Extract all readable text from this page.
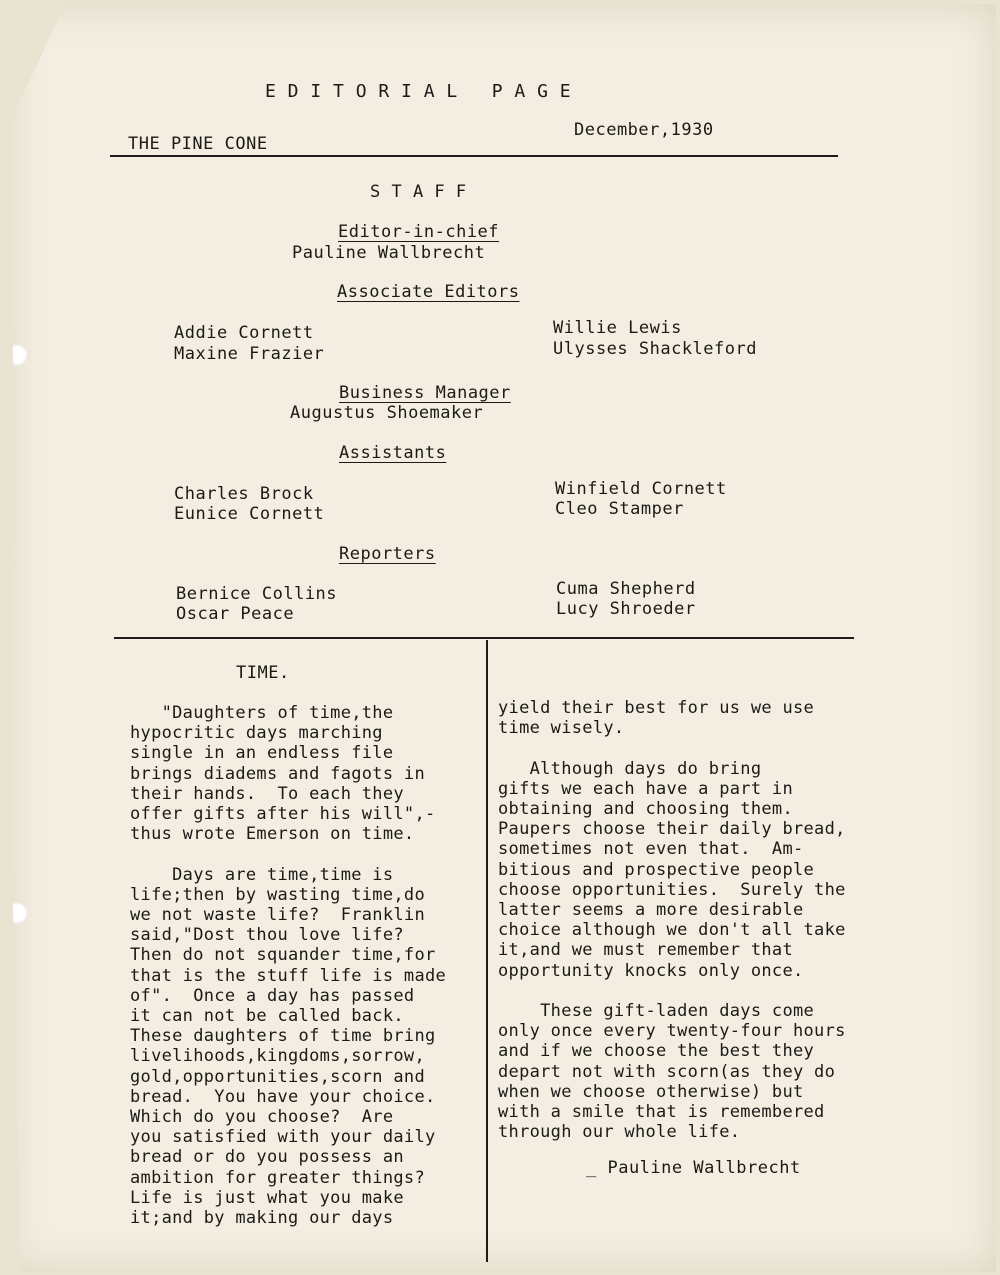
E D I T O R I A L   P A G E
THE PINE CONE
December,1930
S T A F F
Editor-in-chief
Pauline Wallbrecht
Associate Editors
Addie Cornett
Maxine Frazier
Willie Lewis
Ulysses Shackleford
Business Manager
Augustus Shoemaker
Assistants
Charles Brock
Eunice Cornett
Winfield Cornett
Cleo Stamper
Reporters
Bernice Collins
Oscar Peace
Cuma Shepherd
Lucy Shroeder
TIME.

"Daughters of time,the

hypocritic days marching

single in an endless file

brings diadems and fagots in

their hands.  To each they

offer gifts after his will",-

thus wrote Emerson on time.

Days are time,time is

life;then by wasting time,do

we not waste life?  Franklin

said,"Dost thou love life?

Then do not squander time,for

that is the stuff life is made

of".  Once a day has passed

it can not be called back.

These daughters of time bring

livelihoods,kingdoms,sorrow,

gold,opportunities,scorn and

bread.  You have your choice.

Which do you choose?  Are

you satisfied with your daily

bread or do you possess an

ambition for greater things?

Life is just what you make

it;and by making our days

yield their best for us we use

time wisely.

Although days do bring

gifts we each have a part in

obtaining and choosing them.

Paupers choose their daily bread,

sometimes not even that.  Am-

bitious and prospective people

choose opportunities.  Surely the

latter seems a more desirable

choice although we don't all take

it,and we must remember that

opportunity knocks only once.

These gift-laden days come

only once every twenty-four hours

and if we choose the best they

depart not with scorn(as they do

when we choose otherwise) but

with a smile that is remembered

through our whole life.

_ Pauline Wallbrecht
